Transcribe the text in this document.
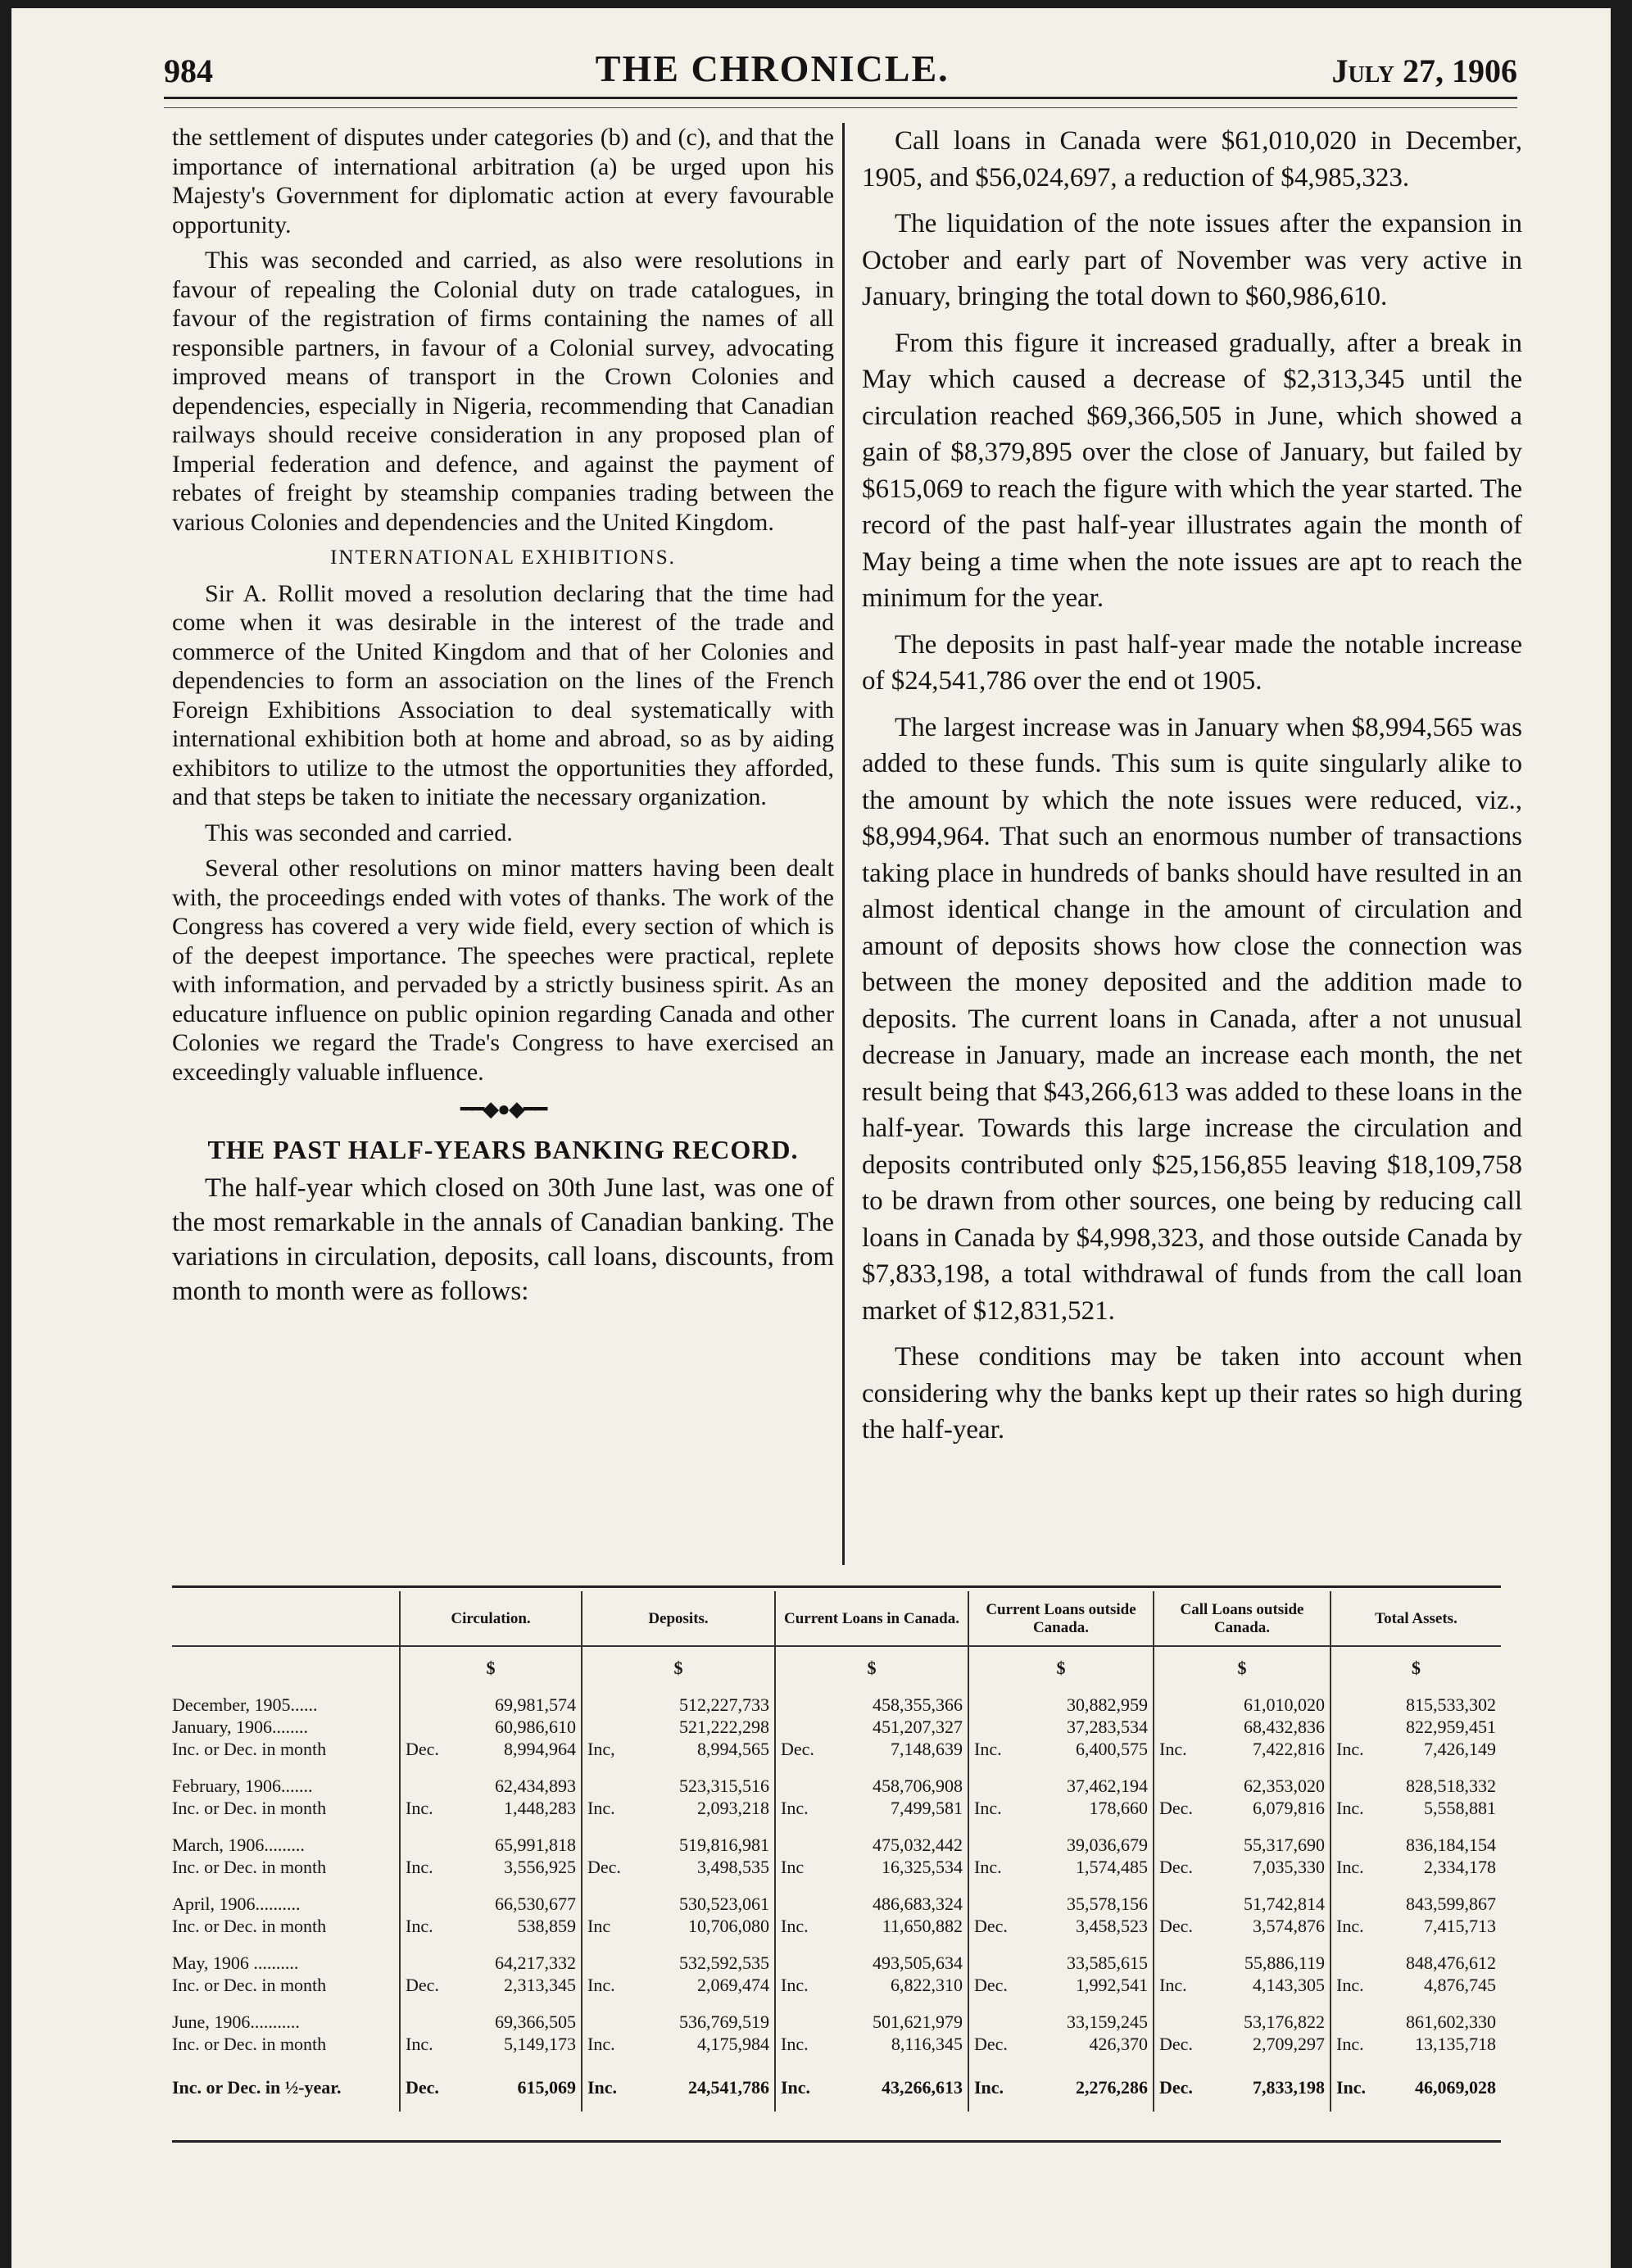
984	THE CHRONICLE.	July 27, 1906

the settlement of disputes under categories (b) and (c), and that the importance of international arbitration (a) be urged upon his Majesty's Government for diplomatic action at every favourable opportunity.

This was seconded and carried, as also were resolutions in favour of repealing the Colonial duty on trade catalogues, in favour of the registration of firms containing the names of all responsible partners, in favour of a Colonial survey, advocating improved means of transport in the Crown Colonies and dependencies, especially in Nigeria, recommending that Canadian railways should receive consideration in any proposed plan of Imperial federation and defence, and against the payment of rebates of freight by steamship companies trading between the various Colonies and dependencies and the United Kingdom.

INTERNATIONAL EXHIBITIONS.

Sir A. Rollit moved a resolution declaring that the time had come when it was desirable in the interest of the trade and commerce of the United Kingdom and that of her Colonies and dependencies to form an association on the lines of the French Foreign Exhibitions Association to deal systematically with international exhibition both at home and abroad, so as by aiding exhibitors to utilize to the utmost the opportunities they afforded, and that steps be taken to initiate the necessary organization.

This was seconded and carried.

Several other resolutions on minor matters having been dealt with, the proceedings ended with votes of thanks. The work of the Congress has covered a very wide field, every section of which is of the deepest importance. The speeches were practical, replete with information, and pervaded by a strictly business spirit. As an educature influence on public opinion regarding Canada and other Colonies we regard the Trade's Congress to have exercised an exceedingly valuable influence.

━━◆●◆━━

THE PAST HALF-YEARS BANKING RECORD.

The half-year which closed on 30th June last, was one of the most remarkable in the annals of Canadian banking. The variations in circulation, deposits, call loans, discounts, from month to month were as follows:

Call loans in Canada were $61,010,020 in December, 1905, and $56,024,697, a reduction of $4,985,323.

The liquidation of the note issues after the expansion in October and early part of November was very active in January, bringing the total down to $60,986,610.

From this figure it increased gradually, after a break in May which caused a decrease of $2,313,345 until the circulation reached $69,366,505 in June, which showed a gain of $8,379,895 over the close of January, but failed by $615,069 to reach the figure with which the year started. The record of the past half-year illustrates again the month of May being a time when the note issues are apt to reach the minimum for the year.

The deposits in past half-year made the notable increase of $24,541,786 over the end ot 1905.

The largest increase was in January when $8,994,565 was added to these funds. This sum is quite singularly alike to the amount by which the note issues were reduced, viz., $8,994,964. That such an enormous number of transactions taking place in hundreds of banks should have resulted in an almost identical change in the amount of circulation and amount of deposits shows how close the connection was between the money deposited and the addition made to deposits. The current loans in Canada, after a not unusual decrease in January, made an increase each month, the net result being that $43,266,613 was added to these loans in the half-year. Towards this large increase the circulation and deposits contributed only $25,156,855 leaving $18,109,758 to be drawn from other sources, one being by reducing call loans in Canada by $4,998,323, and those outside Canada by $7,833,198, a total withdrawal of funds from the call loan market of $12,831,521.

These conditions may be taken into account when considering why the banks kept up their rates so high during the half-year.

	Circulation.	Deposits.	Current Loans in Canada.	Current Loans outside Canada.	Call Loans outside Canada.	Total Assets.
	$	$	$	$	$	$
December, 1905......	69,981,574	512,227,733	458,355,366	30,882,959	61,010,020	815,533,302
January, 1906........	60,986,610	521,222,298	451,207,327	37,283,534	68,432,836	822,959,451
Inc. or Dec. in month	Dec. 8,994,964	Inc, 8,994,565	Dec. 7,148,639	Inc. 6,400,575	Inc. 7,422,816	Inc. 7,426,149
February, 1906.......	62,434,893	523,315,516	458,706,908	37,462,194	62,353,020	828,518,332
Inc. or Dec. in month	Inc. 1,448,283	Inc. 2,093,218	Inc. 7,499,581	Inc. 178,660	Dec. 6,079,816	Inc. 5,558,881
March, 1906.........	65,991,818	519,816,981	475,032,442	39,036,679	55,317,690	836,184,154
Inc. or Dec. in month	Inc. 3,556,925	Dec. 3,498,535	Inc 16,325,534	Inc. 1,574,485	Dec. 7,035,330	Inc. 2,334,178
April, 1906..........	66,530,677	530,523,061	486,683,324	35,578,156	51,742,814	843,599,867
Inc. or Dec. in month	Inc. 538,859	Inc 10,706,080	Inc. 11,650,882	Dec. 3,458,523	Dec. 3,574,876	Inc. 7,415,713
May, 1906 ..........	64,217,332	532,592,535	493,505,634	33,585,615	55,886,119	848,476,612
Inc. or Dec. in month	Dec. 2,313,345	Inc. 2,069,474	Inc. 6,822,310	Dec. 1,992,541	Inc. 4,143,305	Inc. 4,876,745
June, 1906...........	69,366,505	536,769,519	501,621,979	33,159,245	53,176,822	861,602,330
Inc. or Dec. in month	Inc. 5,149,173	Inc. 4,175,984	Inc. 8,116,345	Dec. 426,370	Dec. 2,709,297	Inc. 13,135,718
Inc. or Dec. in ½-year.	Dec. 615,069	Inc. 24,541,786	Inc. 43,266,613	Inc. 2,276,286	Dec. 7,833,198	Inc. 46,069,028
